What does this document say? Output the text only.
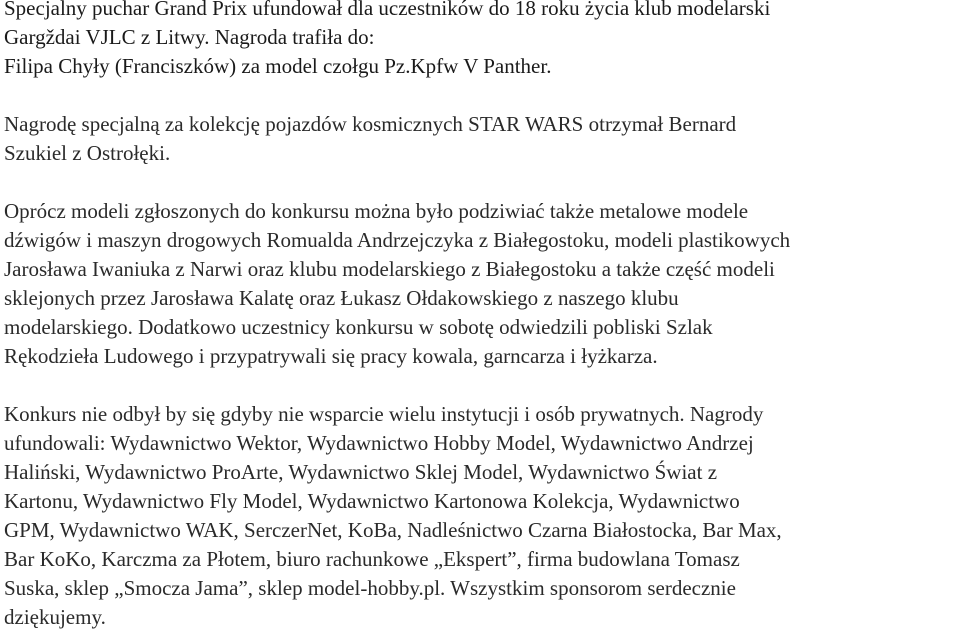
Specjalny puchar Grand Prix ufundował dla uczestników do 18 roku życia klub modelarski
Gargždai VJLC z Litwy. Nagroda trafiła do:
Filipa Chyły (Franciszków) za model czołgu Pz.Kpfw V Panther.

Nagrodę specjalną za kolekcję pojazdów kosmicznych STAR WARS otrzymał Bernard
Szukiel z Ostrołęki.

Oprócz modeli zgłoszonych do konkursu można było podziwiać także metalowe modele
dźwigów i maszyn drogowych Romualda Andrzejczyka z Białegostoku, modeli plastikowych
Jarosława Iwaniuka z Narwi oraz klubu modelarskiego z Białegostoku a także część modeli
sklejonych przez Jarosława Kalatę oraz Łukasz Ołdakowskiego z naszego klubu
modelarskiego. Dodatkowo uczestnicy konkursu w sobotę odwiedzili pobliski Szlak
Rękodzieła Ludowego i przypatrywali się pracy kowala, garncarza i łyżkarza.

Konkurs nie odbył by się gdyby nie wsparcie wielu instytucji i osób prywatnych. Nagrody
ufundowali: Wydawnictwo Wektor, Wydawnictwo Hobby Model, Wydawnictwo Andrzej
Haliński, Wydawnictwo ProArte, Wydawnictwo Sklej Model, Wydawnictwo Świat z
Kartonu, Wydawnictwo Fly Model, Wydawnictwo Kartonowa Kolekcja, Wydawnictwo
GPM, Wydawnictwo WAK, SerczerNet, KoBa, Nadleśnictwo Czarna Białostocka, Bar Max,
Bar KoKo, Karczma za Płotem, biuro rachunkowe „Ekspert”, firma budowlana Tomasz
Suska, sklep „Smocza Jama”, sklep model-hobby.pl. Wszystkim sponsorom serdecznie
dziękujemy.
